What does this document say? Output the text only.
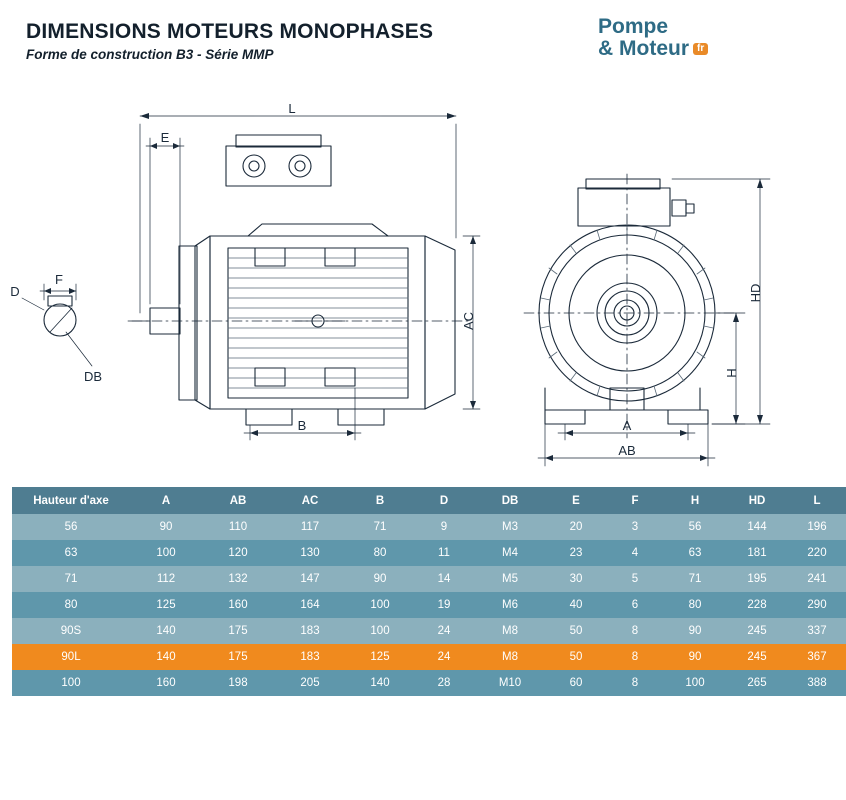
DIMENSIONS MOTEURS MONOPHASES
Forme de construction B3 - Série MMP
Pompe
& Moteur fr
L
E
F
D
DB
B	A
AB
AC
HD
H
Hauteur d'axe	A	AB	AC	B	D	DB	E	F	H	HD	L
56	90	110	117	71	9	M3	20	3	56	144	196
63	100	120	130	80	11	M4	23	4	63	181	220
71	112	132	147	90	14	M5	30	5	71	195	241
80	125	160	164	100	19	M6	40	6	80	228	290
90S	140	175	183	100	24	M8	50	8	90	245	337
90L	140	175	183	125	24	M8	50	8	90	245	367
100	160	198	205	140	28	M10	60	8	100	265	388
